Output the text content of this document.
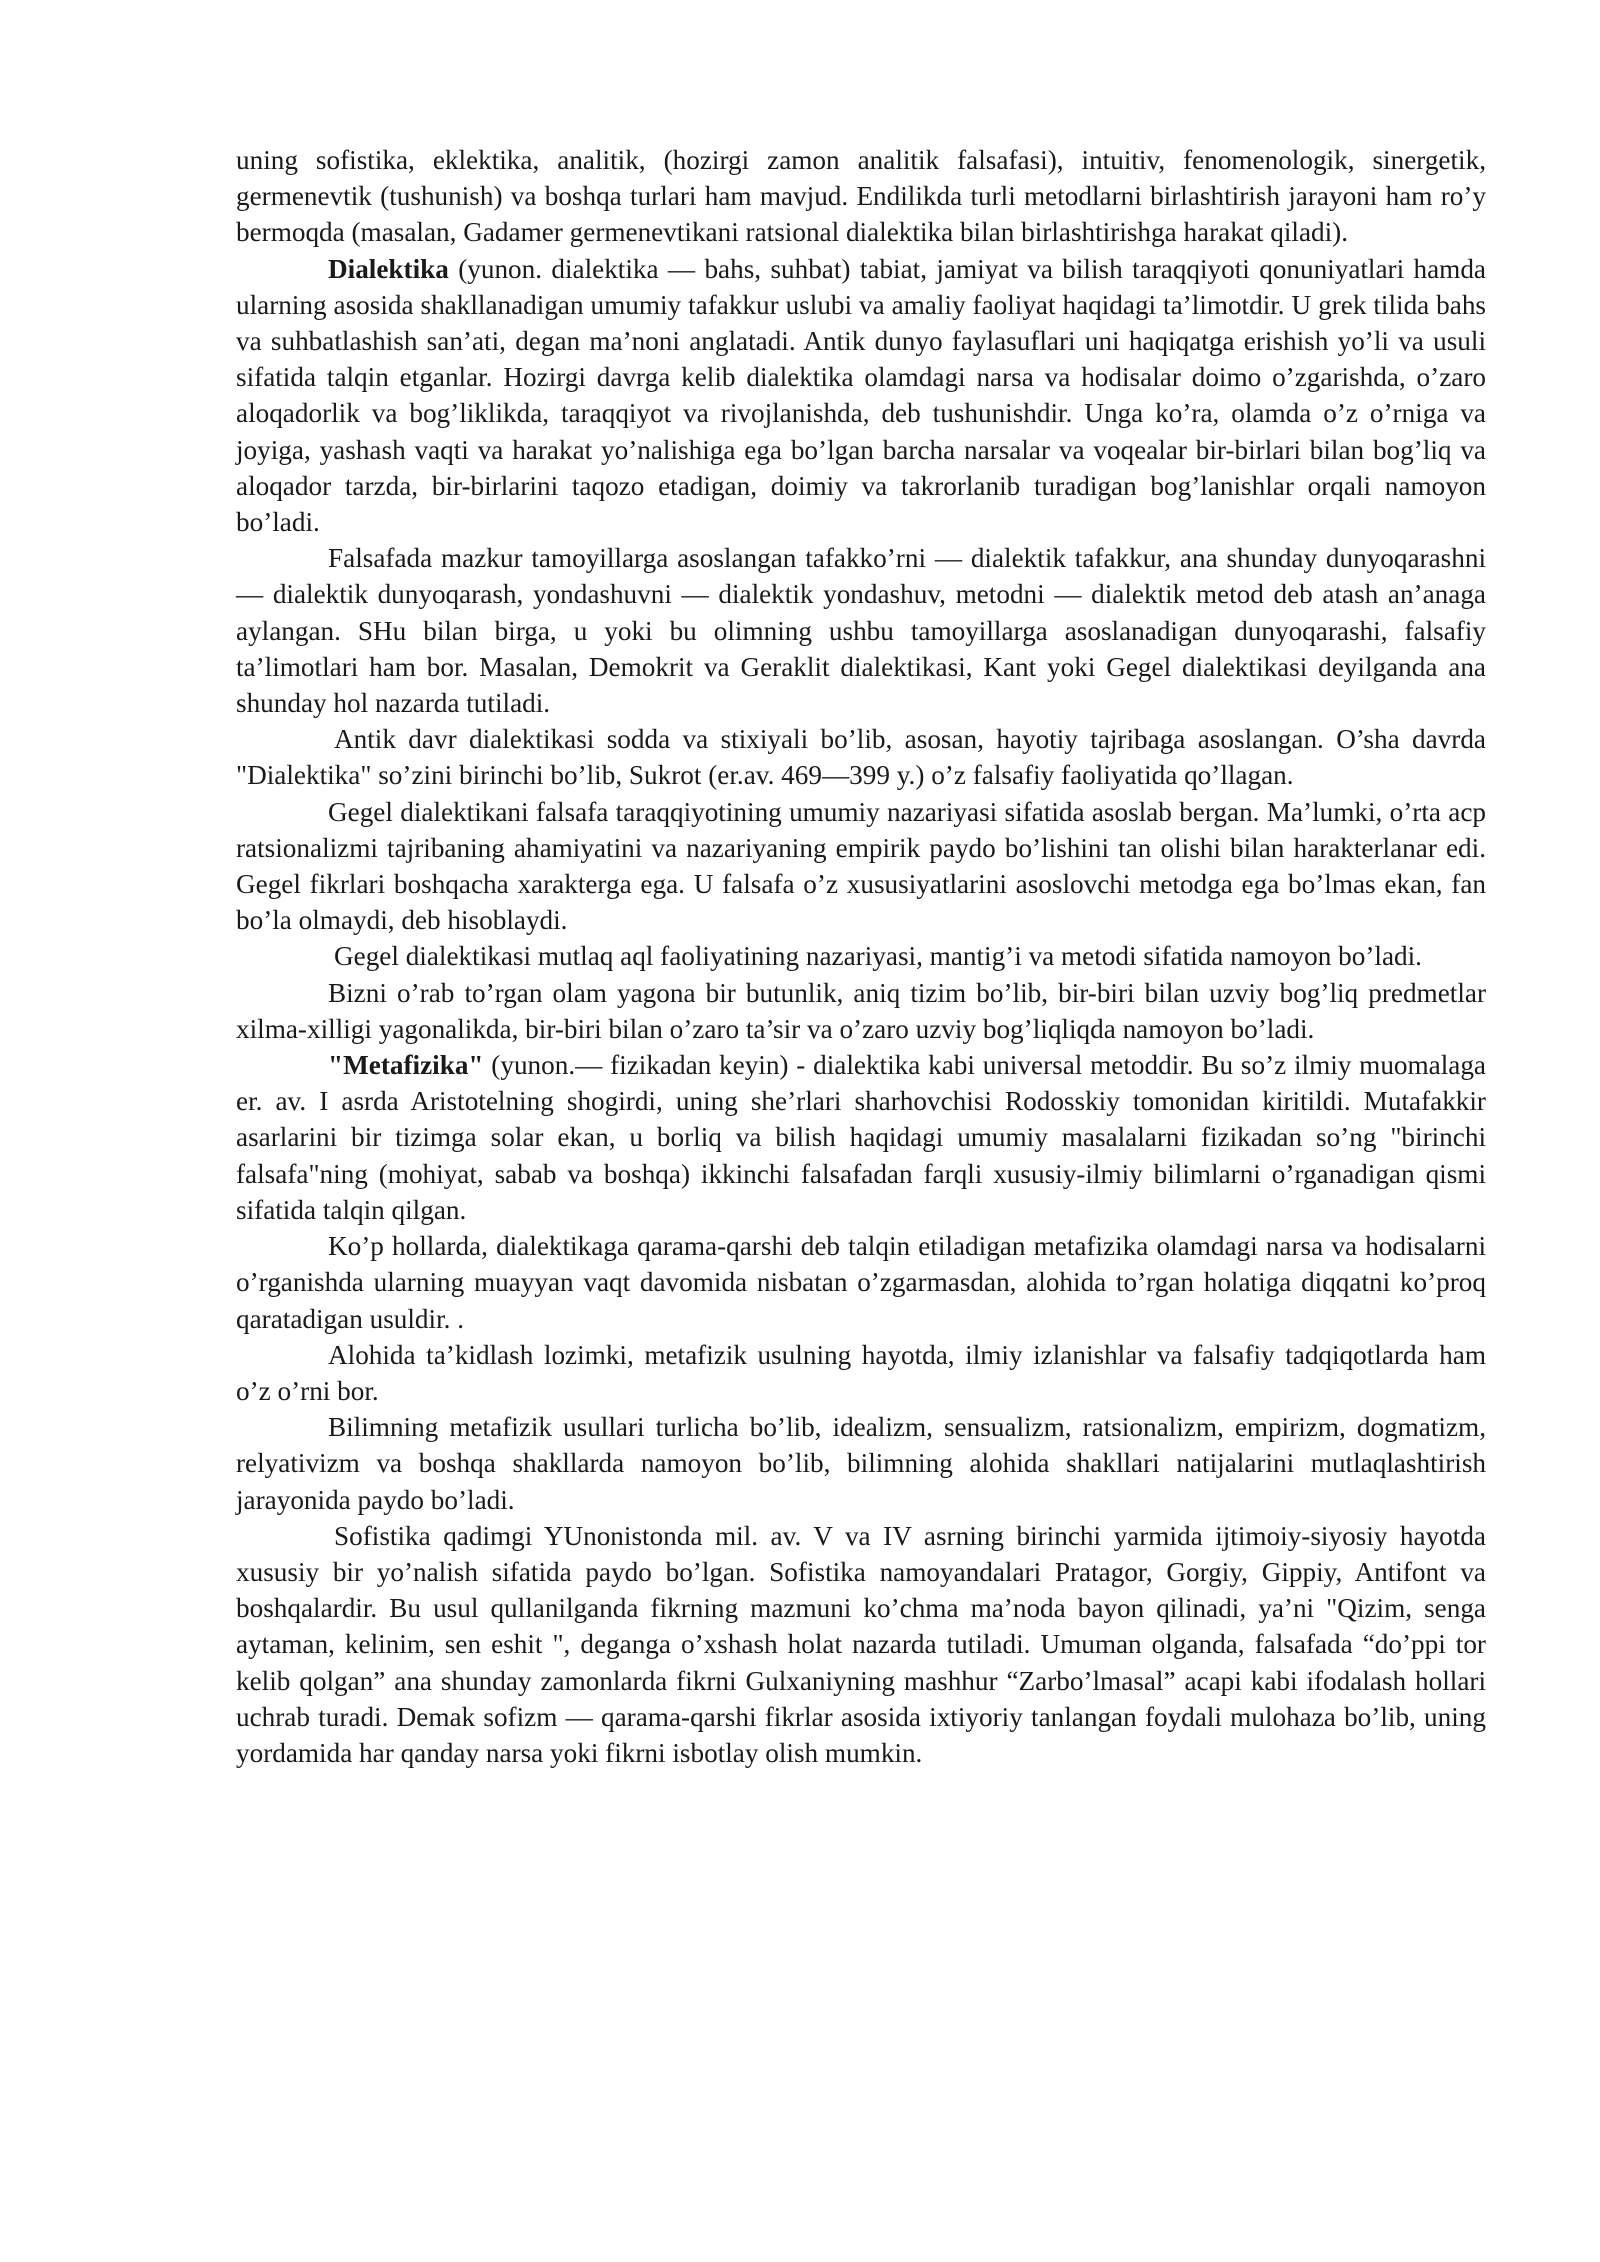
uning sofistika, eklektika, analitik, (hozirgi zamon analitik falsafasi), intuitiv, fenomenologik, sinergetik, germenevtik (tushunish) va boshqa turlari ham mavjud. Endilikda turli metodlarni birlashtirish jarayoni ham ro’y bermoqda (masalan, Gadamer germenevtikani ratsional dialektika bilan birlashtirishga harakat qiladi).

Dialektika (yunon. dialektika — bahs, suhbat) tabiat, jamiyat va bilish taraqqiyoti qonuniyatlari hamda ularning asosida shakllanadigan umumiy tafakkur uslubi va amaliy faoliyat haqidagi ta’limotdir. U grek tilida bahs va suhbatlashish san’ati, degan ma’noni anglatadi. Antik dunyo faylasuflari uni haqiqatga erishish yo’li va usuli sifatida talqin etganlar. Hozirgi davrga kelib dialektika olamdagi narsa va hodisalar doimo o’zgarishda, o’zaro aloqadorlik va bog’liklikda, taraqqiyot va rivojlanishda, deb tushunishdir. Unga ko’ra, olamda o’z o’rniga va joyiga, yashash vaqti va harakat yo’nalishiga ega bo’lgan barcha narsalar va voqealar bir-birlari bilan bog’liq va aloqador tarzda, bir-birlarini taqozo etadigan, doimiy va takrorlanib turadigan bog’lanishlar orqali namoyon bo’ladi.

Falsafada mazkur tamoyillarga asoslangan tafakko’rni — dialektik tafakkur, ana shunday dunyoqarashni — dialektik dunyoqarash, yondashuvni — dialektik yondashuv, metodni — dialektik metod deb atash an’anaga aylangan. SHu bilan birga, u yoki bu olimning ushbu tamoyillarga asoslanadigan dunyoqarashi, falsafiy ta’limotlari ham bor. Masalan, Demokrit va Geraklit dialektikasi, Kant yoki Gegel dialektikasi deyilganda ana shunday hol nazarda tutiladi.

Antik davr dialektikasi sodda va stixiyali bo’lib, asosan, hayotiy tajribaga asoslangan. O’sha davrda "Dialektika" so’zini birinchi bo’lib, Sukrot (er.av. 469—399 y.) o’z falsafiy faoliyatida qo’llagan.

Gegel dialektikani falsafa taraqqiyotining umumiy nazariyasi sifatida asoslab bergan. Ma’lumki, o’rta acp ratsionalizmi tajribaning ahamiyatini va nazariyaning empirik paydo bo’lishini tan olishi bilan harakterlanar edi. Gegel fikrlari boshqacha xarakterga ega. U falsafa o’z xususiyatlarini asoslovchi metodga ega bo’lmas ekan, fan bo’la olmaydi, deb hisoblaydi.

Gegel dialektikasi mutlaq aql faoliyatining nazariyasi, mantig’i va metodi sifatida namoyon bo’ladi.

Bizni o’rab to’rgan olam yagona bir butunlik, aniq tizim bo’lib, bir-biri bilan uzviy bog’liq predmetlar xilma-xilligi yagonalikda, bir-biri bilan o’zaro ta’sir va o’zaro uzviy bog’liqliqda namoyon bo’ladi.

"Metafizika" (yunon.— fizikadan keyin) - dialektika kabi universal metoddir. Bu so’z ilmiy muomalaga er. av. I asrda Aristotelning shogirdi, uning she’rlari sharhovchisi Rodosskiy tomonidan kiritildi. Mutafakkir asarlarini bir tizimga solar ekan, u borliq va bilish haqidagi umumiy masalalarni fizikadan so’ng "birinchi falsafa"ning (mohiyat, sabab va boshqa) ikkinchi falsafadan farqli xususiy-ilmiy bilimlarni o’rganadigan qismi sifatida talqin qilgan.

Ko’p hollarda, dialektikaga qarama-qarshi deb talqin etiladigan metafizika olamdagi narsa va hodisalarni o’rganishda ularning muayyan vaqt davomida nisbatan o’zgarmasdan, alohida to’rgan holatiga diqqatni ko’proq qaratadigan usuldir. .

Alohida ta’kidlash lozimki, metafizik usulning hayotda, ilmiy izlanishlar va falsafiy tadqiqotlarda ham o’z o’rni bor.

Bilimning metafizik usullari turlicha bo’lib, idealizm, sensualizm, ratsionalizm, empirizm, dogmatizm, relyativizm va boshqa shakllarda namoyon bo’lib, bilimning alohida shakllari natijalarini mutlaqlashtirish jarayonida paydo bo’ladi.

Sofistika qadimgi YUnonistonda mil. av. V va IV asrning birinchi yarmida ijtimoiy-siyosiy hayotda xususiy bir yo’nalish sifatida paydo bo’lgan. Sofistika namoyandalari Pratagor, Gorgiy, Gippiy, Antifont va boshqalardir. Bu usul qullanilganda fikrning mazmuni ko’chma ma’noda bayon qilinadi, ya’ni "Qizim, senga aytaman, kelinim, sen eshit ", deganga o’xshash holat nazarda tutiladi. Umuman olganda, falsafada “do’ppi tor kelib qolgan” ana shunday zamonlarda fikrni Gulxaniyning mashhur “Zarbo’lmasal” acapi kabi ifodalash hollari uchrab turadi. Demak sofizm — qarama-qarshi fikrlar asosida ixtiyoriy tanlangan foydali mulohaza bo’lib, uning yordamida har qanday narsa yoki fikrni isbotlay olish mumkin.
